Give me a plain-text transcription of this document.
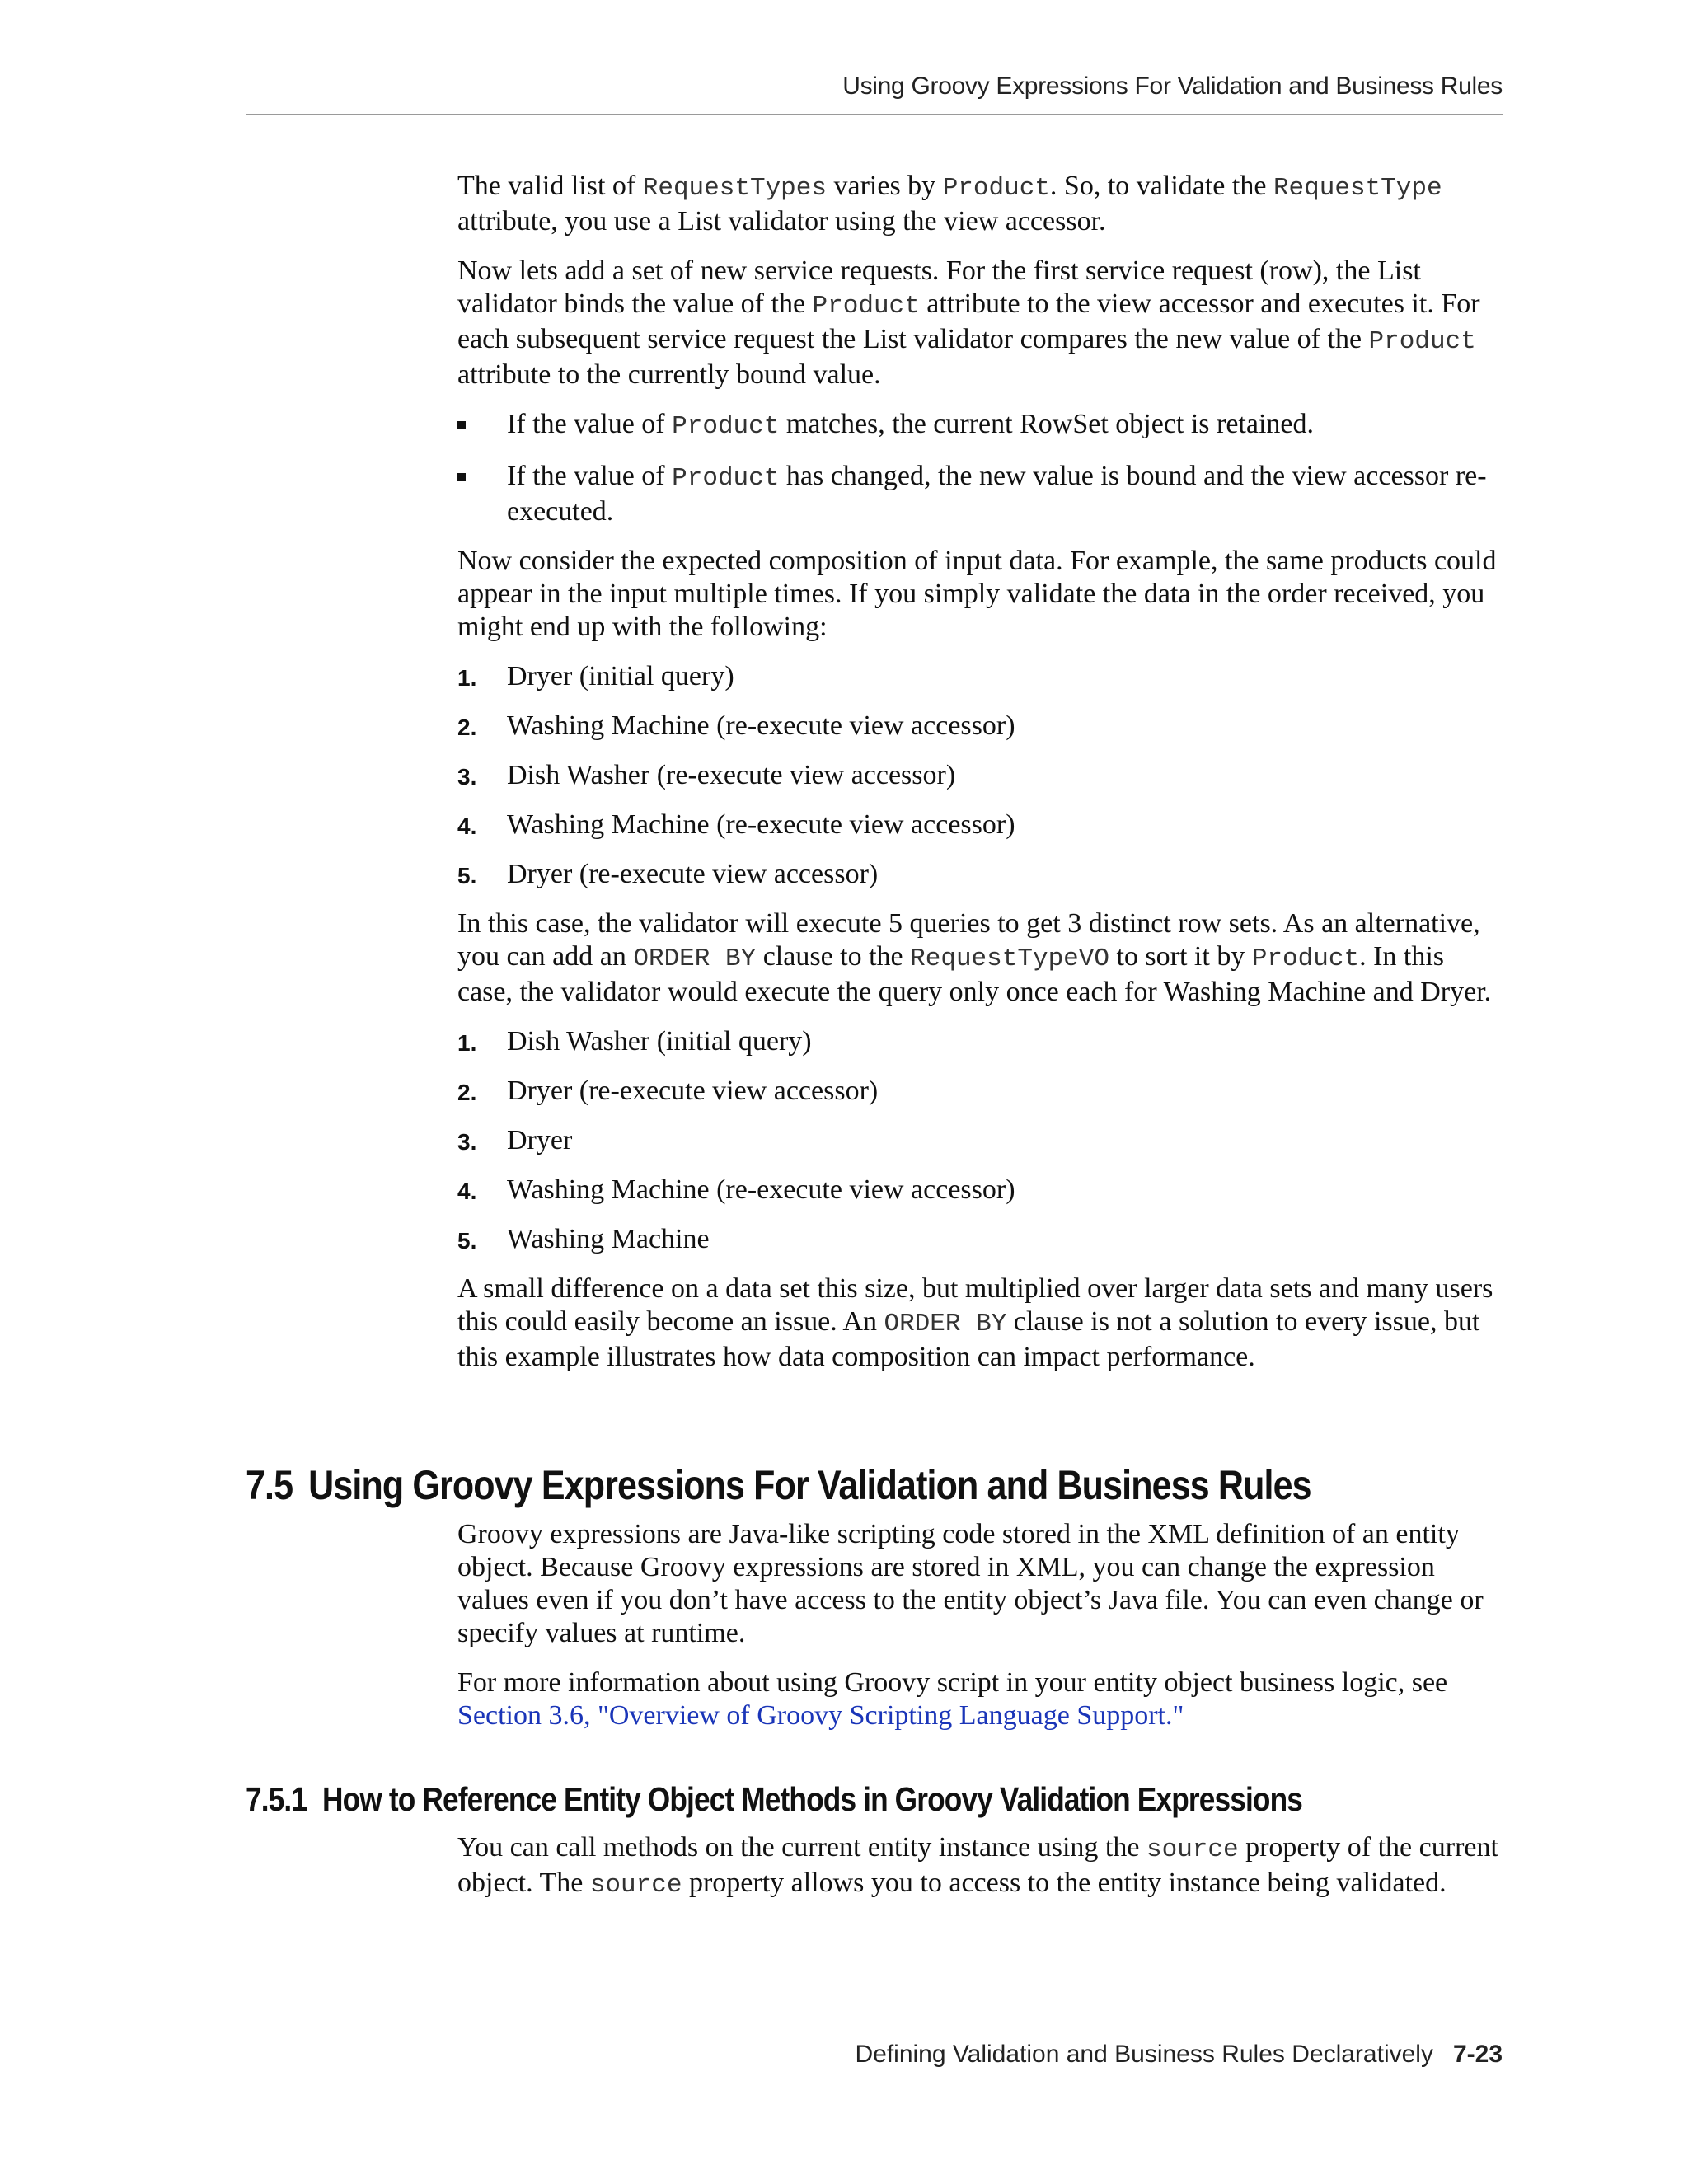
Using Groovy Expressions For Validation and Business Rules

The valid list of RequestTypes varies by Product. So, to validate the RequestType attribute, you use a List validator using the view accessor.

Now lets add a set of new service requests. For the first service request (row), the List validator binds the value of the Product attribute to the view accessor and executes it. For each subsequent service request the List validator compares the new value of the Product attribute to the currently bound value.

If the value of Product matches, the current RowSet object is retained.
If the value of Product has changed, the new value is bound and the view accessor re-executed.

Now consider the expected composition of input data. For example, the same products could appear in the input multiple times. If you simply validate the data in the order received, you might end up with the following:

1. Dryer (initial query)
2. Washing Machine (re-execute view accessor)
3. Dish Washer (re-execute view accessor)
4. Washing Machine (re-execute view accessor)
5. Dryer (re-execute view accessor)

In this case, the validator will execute 5 queries to get 3 distinct row sets. As an alternative, you can add an ORDER BY clause to the RequestTypeVO to sort it by Product. In this case, the validator would execute the query only once each for Washing Machine and Dryer.

1. Dish Washer (initial query)
2. Dryer (re-execute view accessor)
3. Dryer
4. Washing Machine (re-execute view accessor)
5. Washing Machine

A small difference on a data set this size, but multiplied over larger data sets and many users this could easily become an issue. An ORDER BY clause is not a solution to every issue, but this example illustrates how data composition can impact performance.

7.5 Using Groovy Expressions For Validation and Business Rules

Groovy expressions are Java-like scripting code stored in the XML definition of an entity object. Because Groovy expressions are stored in XML, you can change the expression values even if you don’t have access to the entity object’s Java file. You can even change or specify values at runtime.

For more information about using Groovy script in your entity object business logic, see Section 3.6, "Overview of Groovy Scripting Language Support."

7.5.1 How to Reference Entity Object Methods in Groovy Validation Expressions

You can call methods on the current entity instance using the source property of the current object. The source property allows you to access to the entity instance being validated.

Defining Validation and Business Rules Declaratively 7-23
